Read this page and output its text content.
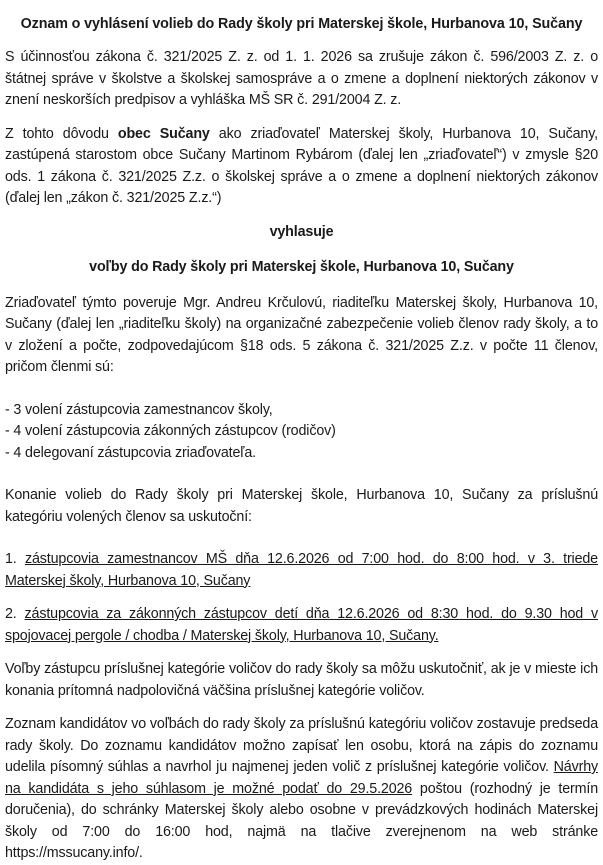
Oznam o vyhlásení volieb do Rady školy pri Materskej škole, Hurbanova 10, Sučany

S účinnosťou zákona č. 321/2025 Z. z. od 1. 1. 2026 sa zrušuje zákon č. 596/2003 Z. z. o štátnej správe v školstve a školskej samospráve a o zmene a doplnení niektorých zákonov v znení neskorších predpisov a vyhláška MŠ SR č. 291/2004 Z. z.

Z tohto dôvodu obec Sučany ako zriaďovateľ Materskej školy, Hurbanova 10, Sučany, zastúpená starostom obce Sučany Martinom Rybárom (ďalej len „zriaďovateľ“) v zmysle §20 ods. 1 zákona č. 321/2025 Z.z. o školskej správe a o zmene a doplnení niektorých zákonov (ďalej len „zákon č. 321/2025 Z.z.“)

vyhlasuje

voľby do Rady školy pri Materskej škole, Hurbanova 10, Sučany

Zriaďovateľ týmto poveruje Mgr. Andreu Krčulovú, riaditeľku Materskej školy, Hurbanova 10, Sučany (ďalej len „riaditeľku školy) na organizačné zabezpečenie volieb členov rady školy, a to v zložení a počte, zodpovedajúcom §18 ods. 5 zákona č. 321/2025 Z.z. v počte 11 členov, pričom členmi sú:

- 3 volení zástupcovia zamestnancov školy,
- 4 volení zástupcovia zákonných zástupcov (rodičov)
- 4 delegovaní zástupcovia zriaďovateľa.

Konanie volieb do Rady školy pri Materskej škole, Hurbanova 10, Sučany za príslušnú kategóriu volených členov sa uskutoční:

1. zástupcovia zamestnancov MŠ dňa 12.6.2026 od 7:00 hod. do 8:00 hod. v 3. triede Materskej školy, Hurbanova 10, Sučany

2. zástupcovia za zákonných zástupcov detí dňa 12.6.2026 od 8:30 hod. do 9.30 hod v spojovacej pergole / chodba / Materskej školy, Hurbanova 10, Sučany.

Voľby zástupcu príslušnej kategórie voličov do rady školy sa môžu uskutočniť, ak je v mieste ich konania prítomná nadpolovičná väčšina príslušnej kategórie voličov.

Zoznam kandidátov vo voľbách do rady školy za príslušnú kategóriu voličov zostavuje predseda rady školy. Do zoznamu kandidátov možno zapísať len osobu, ktorá na zápis do zoznamu udelila písomný súhlas a navrhol ju najmenej jeden volič z príslušnej kategórie voličov. Návrhy na kandidáta s jeho súhlasom je možné podať do 29.5.2026 poštou (rozhodný je termín doručenia), do schránky Materskej školy alebo osobne v prevádzkových hodinách Materskej školy od 7:00 do 16:00 hod, najmä na tlačive zverejnenom na web stránke https://mssucany.info/.
